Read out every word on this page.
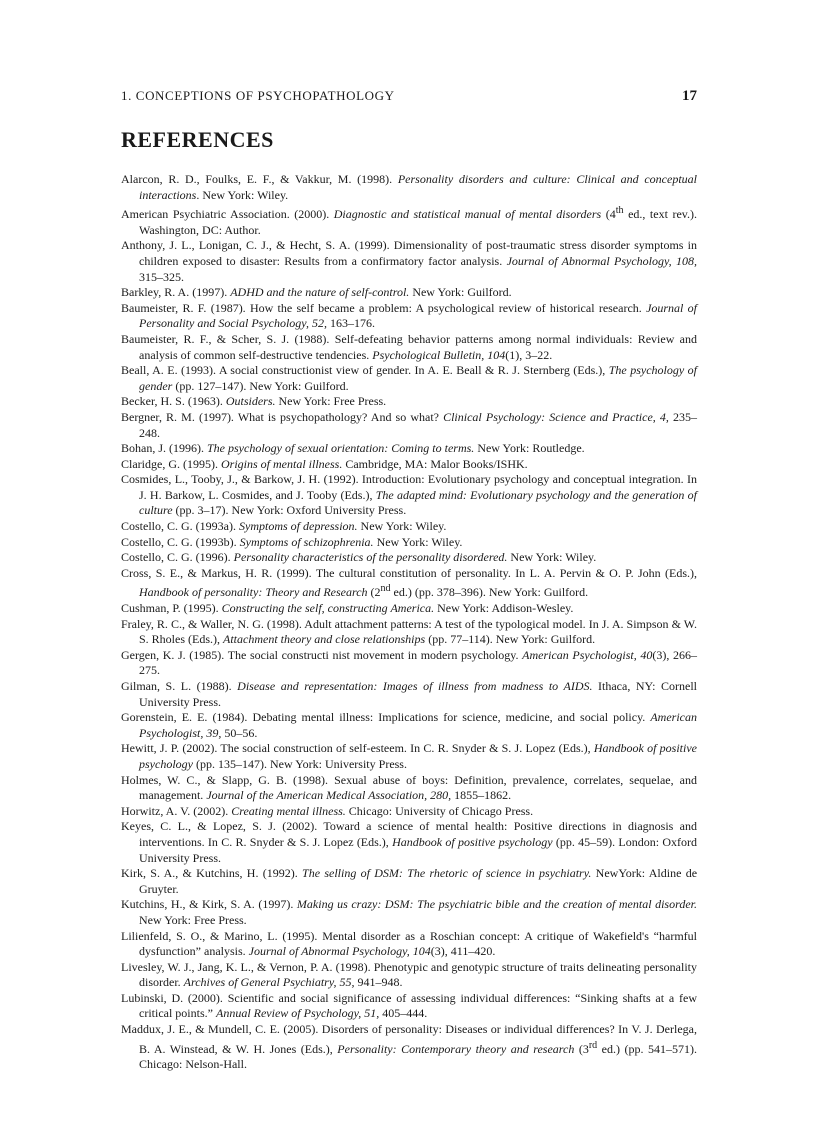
1. CONCEPTIONS OF PSYCHOPATHOLOGY	17
REFERENCES
Alarcon, R. D., Foulks, E. F., & Vakkur, M. (1998). Personality disorders and culture: Clinical and conceptual interactions. New York: Wiley.
American Psychiatric Association. (2000). Diagnostic and statistical manual of mental disorders (4th ed., text rev.). Washington, DC: Author.
Anthony, J. L., Lonigan, C. J., & Hecht, S. A. (1999). Dimensionality of post-traumatic stress disorder symptoms in children exposed to disaster: Results from a confirmatory factor analysis. Journal of Abnormal Psychology, 108, 315–325.
Barkley, R. A. (1997). ADHD and the nature of self-control. New York: Guilford.
Baumeister, R. F. (1987). How the self became a problem: A psychological review of historical research. Journal of Personality and Social Psychology, 52, 163–176.
Baumeister, R. F., & Scher, S. J. (1988). Self-defeating behavior patterns among normal individuals: Review and analysis of common self-destructive tendencies. Psychological Bulletin, 104(1), 3–22.
Beall, A. E. (1993). A social constructionist view of gender. In A. E. Beall & R. J. Sternberg (Eds.), The psychology of gender (pp. 127–147). New York: Guilford.
Becker, H. S. (1963). Outsiders. New York: Free Press.
Bergner, R. M. (1997). What is psychopathology? And so what? Clinical Psychology: Science and Practice, 4, 235–248.
Bohan, J. (1996). The psychology of sexual orientation: Coming to terms. New York: Routledge.
Claridge, G. (1995). Origins of mental illness. Cambridge, MA: Malor Books/ISHK.
Cosmides, L., Tooby, J., & Barkow, J. H. (1992). Introduction: Evolutionary psychology and conceptual integration. In J. H. Barkow, L. Cosmides, and J. Tooby (Eds.), The adapted mind: Evolutionary psychology and the generation of culture (pp. 3–17). New York: Oxford University Press.
Costello, C. G. (1993a). Symptoms of depression. New York: Wiley.
Costello, C. G. (1993b). Symptoms of schizophrenia. New York: Wiley.
Costello, C. G. (1996). Personality characteristics of the personality disordered. New York: Wiley.
Cross, S. E., & Markus, H. R. (1999). The cultural constitution of personality. In L. A. Pervin & O. P. John (Eds.), Handbook of personality: Theory and Research (2nd ed.) (pp. 378–396). New York: Guilford.
Cushman, P. (1995). Constructing the self, constructing America. New York: Addison-Wesley.
Fraley, R. C., & Waller, N. G. (1998). Adult attachment patterns: A test of the typological model. In J. A. Simpson & W. S. Rholes (Eds.), Attachment theory and close relationships (pp. 77–114). New York: Guilford.
Gergen, K. J. (1985). The social constructi nist movement in modern psychology. American Psychologist, 40(3), 266–275.
Gilman, S. L. (1988). Disease and representation: Images of illness from madness to AIDS. Ithaca, NY: Cornell University Press.
Gorenstein, E. E. (1984). Debating mental illness: Implications for science, medicine, and social policy. American Psychologist, 39, 50–56.
Hewitt, J. P. (2002). The social construction of self-esteem. In C. R. Snyder & S. J. Lopez (Eds.), Handbook of positive psychology (pp. 135–147). New York: University Press.
Holmes, W. C., & Slapp, G. B. (1998). Sexual abuse of boys: Definition, prevalence, correlates, sequelae, and management. Journal of the American Medical Association, 280, 1855–1862.
Horwitz, A. V. (2002). Creating mental illness. Chicago: University of Chicago Press.
Keyes, C. L., & Lopez, S. J. (2002). Toward a science of mental health: Positive directions in diagnosis and interventions. In C. R. Snyder & S. J. Lopez (Eds.), Handbook of positive psychology (pp. 45–59). London: Oxford University Press.
Kirk, S. A., & Kutchins, H. (1992). The selling of DSM: The rhetoric of science in psychiatry. NewYork: Aldine de Gruyter.
Kutchins, H., & Kirk, S. A. (1997). Making us crazy: DSM: The psychiatric bible and the creation of mental disorder. New York: Free Press.
Lilienfeld, S. O., & Marino, L. (1995). Mental disorder as a Roschian concept: A critique of Wakefield's “harmful dysfunction” analysis. Journal of Abnormal Psychology, 104(3), 411–420.
Livesley, W. J., Jang, K. L., & Vernon, P. A. (1998). Phenotypic and genotypic structure of traits delineating personality disorder. Archives of General Psychiatry, 55, 941–948.
Lubinski, D. (2000). Scientific and social significance of assessing individual differences: “Sinking shafts at a few critical points.” Annual Review of Psychology, 51, 405–444.
Maddux, J. E., & Mundell, C. E. (2005). Disorders of personality: Diseases or individual differences? In V. J. Derlega, B. A. Winstead, & W. H. Jones (Eds.), Personality: Contemporary theory and research (3rd ed.) (pp. 541–571). Chicago: Nelson-Hall.
